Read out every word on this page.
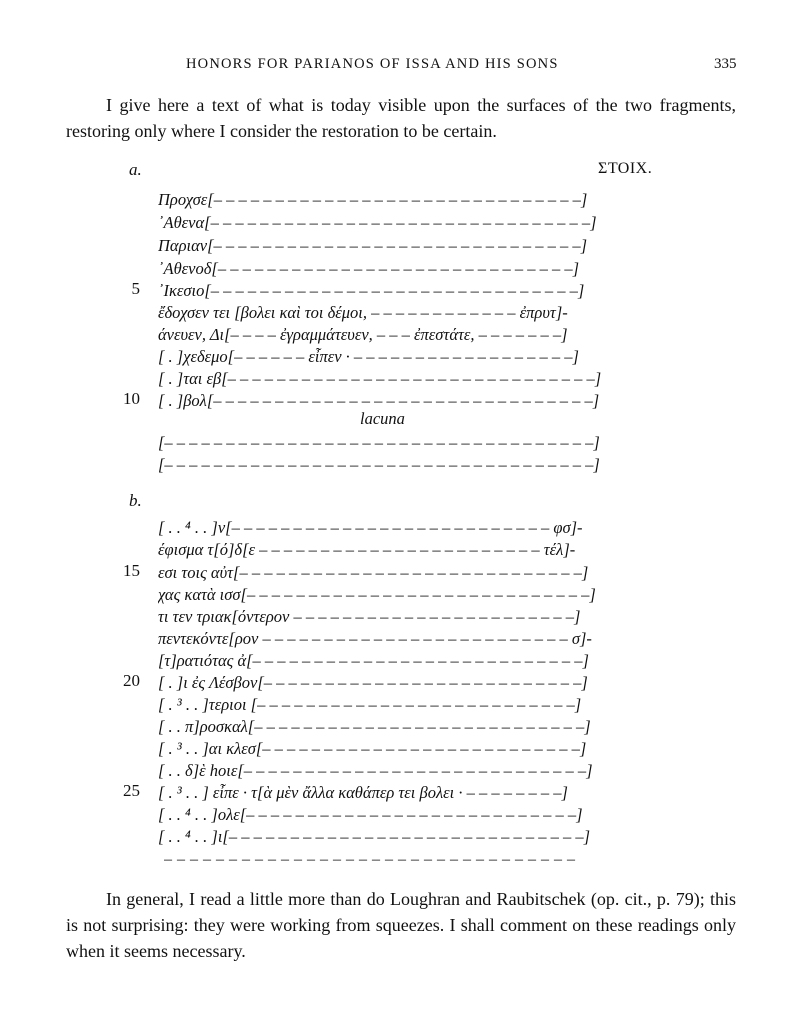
HONORS FOR PARIANOS OF ISSA AND HIS SONS	335

I give here a text of what is today visible upon the surfaces of the two fragments, restoring only where I consider the restoration to be certain.

a.	ΣΤΟΙΧ.
Προχσε[– – – – – – – – – – – – – – – – – – – – – – – – – – – – – –]
᾿Αθενα[– – – – – – – – – – – – – – – – – – – – – – – – – – – – – – –]
Παριαν[– – – – – – – – – – – – – – – – – – – – – – – – – – – – – –]
᾿Αθενοδ[– – – – – – – – – – – – – – – – – – – – – – – – – – – – –]
5 ᾿Ικεσιο[– – – – – – – – – – – – – – – – – – – – – – – – – – – – – –]
ἔδοχσεν τει [βολει καὶ τοι δέμοι, – – – – – – – – – – – – ἐπρυτ]-
άνευεν, Δι[– – – – ἐγραμμάτευεν, – – – ἐπεστάτε, – – – – – – –]
[ . ]χεδεμο[– – – – – – εἶπεν · – – – – – – – – – – – – – – – – – –]
[ . ]ται εβ[– – – – – – – – – – – – – – – – – – – – – – – – – – – – – –]
10 [ . ]βολ[– – – – – – – – – – – – – – – – – – – – – – – – – – – – – – –]
lacuna
[– – – – – – – – – – – – – – – – – – – – – – – – – – – – – – – – – – –]
[– – – – – – – – – – – – – – – – – – – – – – – – – – – – – – – – – – –]
b.
[ . . ⁴ . . ]ν[– – – – – – – – – – – – – – – – – – – – – – – – – – φσ]-
έφισμα τ[ό]δ[ε – – – – – – – – – – – – – – – – – – – – – – – τέλ]-
15 εσι τοις αὐτ[– – – – – – – – – – – – – – – – – – – – – – – – – – – –]
χας κατὰ ισσ[– – – – – – – – – – – – – – – – – – – – – – – – – – – –]
τι τεν τριακ[όντερον – – – – – – – – – – – – – – – – – – – – – – –]
πεντεκόντε[ρον – – – – – – – – – – – – – – – – – – – – – – – – – σ]-
[τ]ρατιότας ἀ[– – – – – – – – – – – – – – – – – – – – – – – – – – –]
20 [ . ]ι ἐς Λέσβον[– – – – – – – – – – – – – – – – – – – – – – – – – –]
[ . ³ . . ]τεριοι [– – – – – – – – – – – – – – – – – – – – – – – – – –]
[ . . π]ροσκαλ[– – – – – – – – – – – – – – – – – – – – – – – – – – –]
[ . ³ . . ]αι κλεσ[– – – – – – – – – – – – – – – – – – – – – – – – – –]
[ . . δ]ὲ hοιε[– – – – – – – – – – – – – – – – – – – – – – – – – – – –]
25 [ . ³ . . ] εἶπε · τ[ὰ μὲν ἄλλα καθάπερ τει βολει · – – – – – – – –]
[ . . ⁴ . . ]ολε[– – – – – – – – – – – – – – – – – – – – – – – – – – –]
[ . . ⁴ . . ]ι[– – – – – – – – – – – – – – – – – – – – – – – – – – – – –]
– – – – – – – – – – – – – – – – – – – – – – – – – – – – – – – –

In general, I read a little more than do Loughran and Raubitschek (op. cit., p. 79); this is not surprising: they were working from squeezes. I shall comment on these readings only when it seems necessary.
